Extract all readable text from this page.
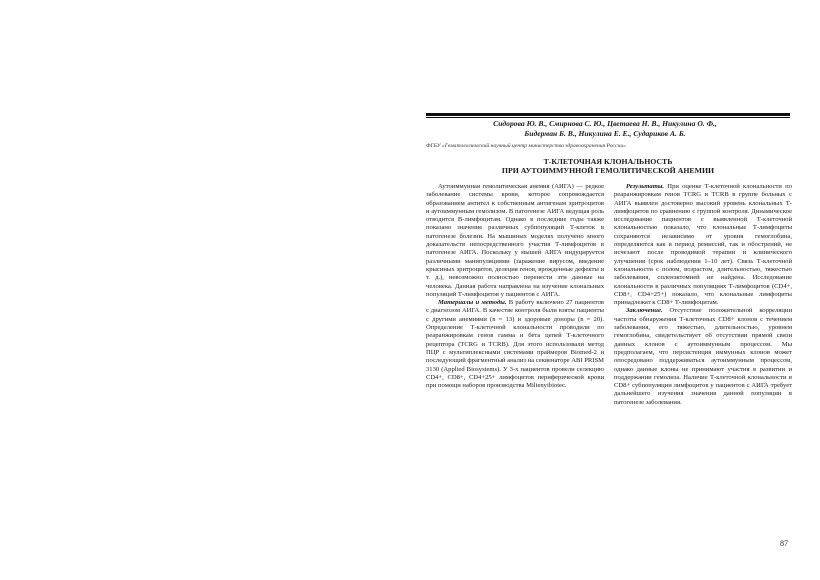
Сидорова Ю. В., Смирнова С. Ю., Цветаева Н. В., Никулина О. Ф.,
Бидерман Б. В., Никулина Е. Е., Судариков А. Б.
ФГБУ «Гематологический научный центр министерства здравоохранения России»
Т-КЛЕТОЧНАЯ КЛОНАЛЬНОСТЬ
ПРИ АУТОИММУННОЙ ГЕМОЛИТИЧЕСКОЙ АНЕМИИ

Аутоиммунная гемолитическая анемия (АИГА) — редкое заболевание системы крови, которое сопровождается образованием антител к собственным антигенам эритроцитов и аутоиммунным гемолизом. В патогенезе АИГА ведущая роль отводится В-лимфоцитам. Однако в последние годы также показано значение различных субпопуляций Т-клеток в патогенезе болезни. На мышиных моделях получено много доказательств непосредственного участия Т-лимфоцитов в патогенезе АИГА. Поскольку у мышей АИГА индуцируется различными манипуляциями (заражение вирусом, введение крысиных эритроцитов, делеция генов, врожденные дефекты и т. д.), невозможно полностью перенести эти данные на человека. Данная работа направлена на изучение клональных популяций Т-лимфоцитов у пациентов с АИГА.

Материалы и методы. В работу включено 27 пациентов с диагнозом АИГА. В качестве контроля были взяты пациенты с другими анемиями (n = 13) и здоровые доноры (n = 20). Определение Т-клеточной клональности проводили по реаранжировкам генов гамма и бета цепей Т-клеточного рецептора (TCRG и TCRB). Для этого использовали метод ПЦР с мультиплексными системами праймеров Biomed-2 и последующий фрагментный анализ на секвенаторе ABI PRISM 3130 (Applied Biosystems). У 3-х пациентов провели селекцию CD4+, CD8+, CD4+25+ лимфоцитов периферической крови при помощи наборов производства Miltenyibiotec.

Результаты. При оценке Т-клеточной клональности по реаранжировкам генов TCRG и TCRB в группе больных с АИГА выявлен достоверно высокий уровень клональных Т-лимфоцитов по сравнению с группой контроля. Динамическое исследование пациентов с выявленной Т-клеточной клональностью показало, что клональные Т-лимфоциты сохраняются независимо от уровня гемоглобина, определяются как в период ремиссий, так и обострений, не исчезают после проводимой терапии и клинического улучшения (срок наблюдения 1–10 лет). Связь Т-клеточной клональности с полом, возрастом, длительностью, тяжестью заболевания, спленэктомией не найдена. Исследование клональности в различных популяциях Т-лимфоцитов (CD4+, CD8+, CD4+25+) показало, что клональные лимфоциты принадлежат к CD8+ Т-лимфоцитам.

Заключение. Отсутствие положительной корреляции частоты обнаружения Т-клеточных CD8+ клонов с течением заболевания, его тяжестью, длительностью, уровнем гемоглобина, свидетельствует об отсутствии прямой связи данных клонов с аутоиммунным процессом. Мы предполагаем, что персистенция иммунных клонов может опосредовано поддерживаться аутоиммунным процессом, однако данные клоны не принимают участия в развитии и поддержании гемолиза. Наличие Т-клеточной клональности в CD8+ субпопуляции лимфоцитов у пациентов с АИГА требует дальнейшего изучения значения данной популяции в патогенезе заболевания.

87
